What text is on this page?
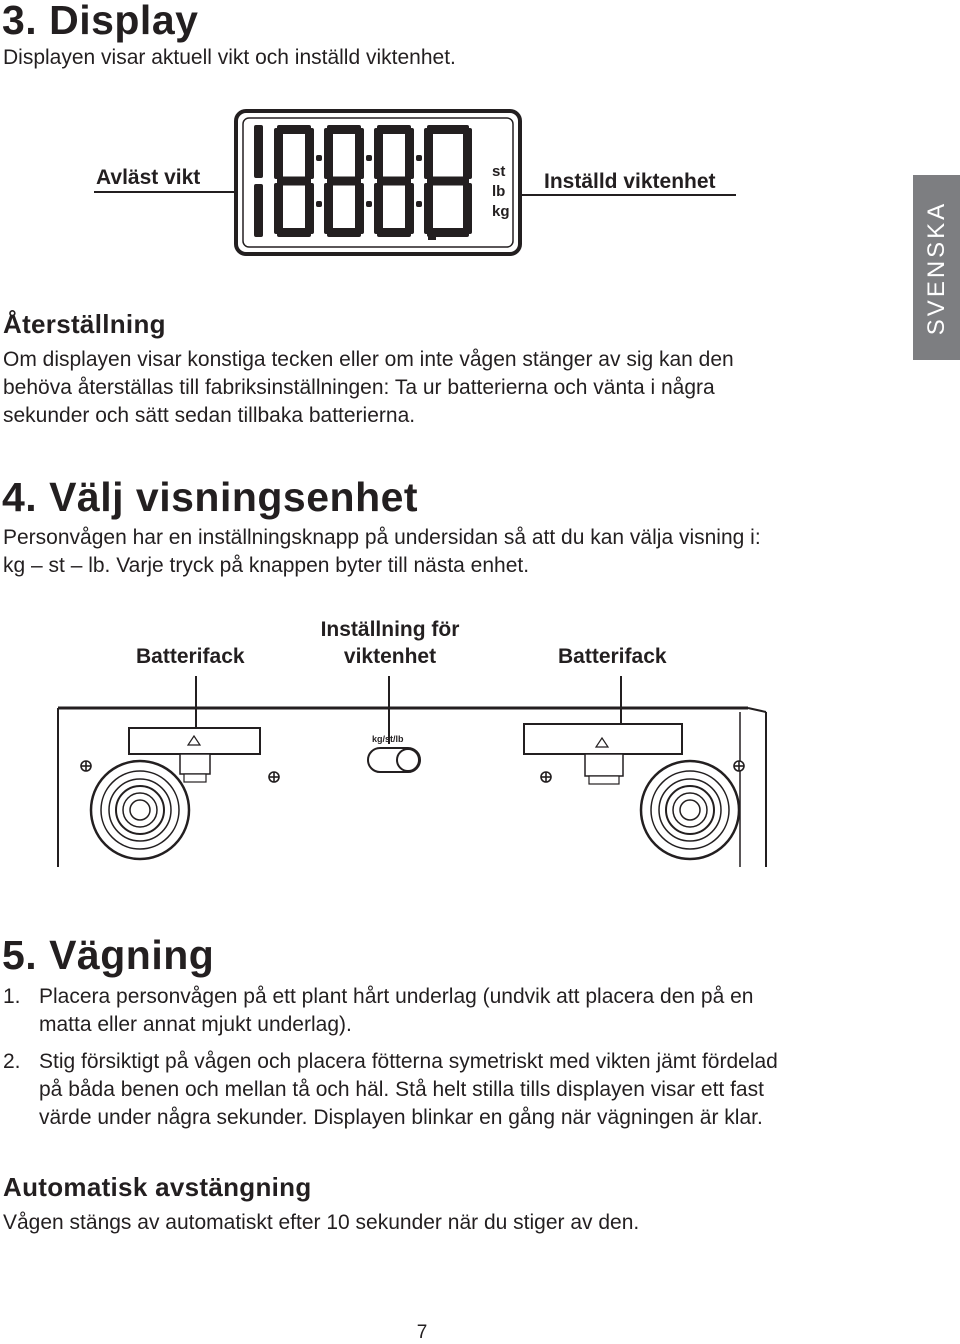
3. Display
Displayen visar aktuell vikt och inställd viktenhet.
Avläst vikt	Inställd viktenhet
st
lb
kg
Återställning
Om displayen visar konstiga tecken eller om inte vågen stänger av sig kan den
behöva återställas till fabriksinställningen: Ta ur batterierna och vänta i några
sekunder och sätt sedan tillbaka batterierna.
SVENSKA
4. Välj visningsenhet
Personvågen har en inställningsknapp på undersidan så att du kan välja visning i:
kg – st – lb. Varje tryck på knappen byter till nästa enhet.
Batterifack
Inställning för
viktenhet	Batterifack
kg/st/lb
5. Vägning
1. Placera personvågen på ett plant hårt underlag (undvik att placera den på en
matta eller annat mjukt underlag).
2. Stig försiktigt på vågen och placera fötterna symetriskt med vikten jämt fördelad
på båda benen och mellan tå och häl. Stå helt stilla tills displayen visar ett fast
värde under några sekunder. Displayen blinkar en gång när vägningen är klar.
Automatisk avstängning
Vågen stängs av automatiskt efter 10 sekunder när du stiger av den.
7
